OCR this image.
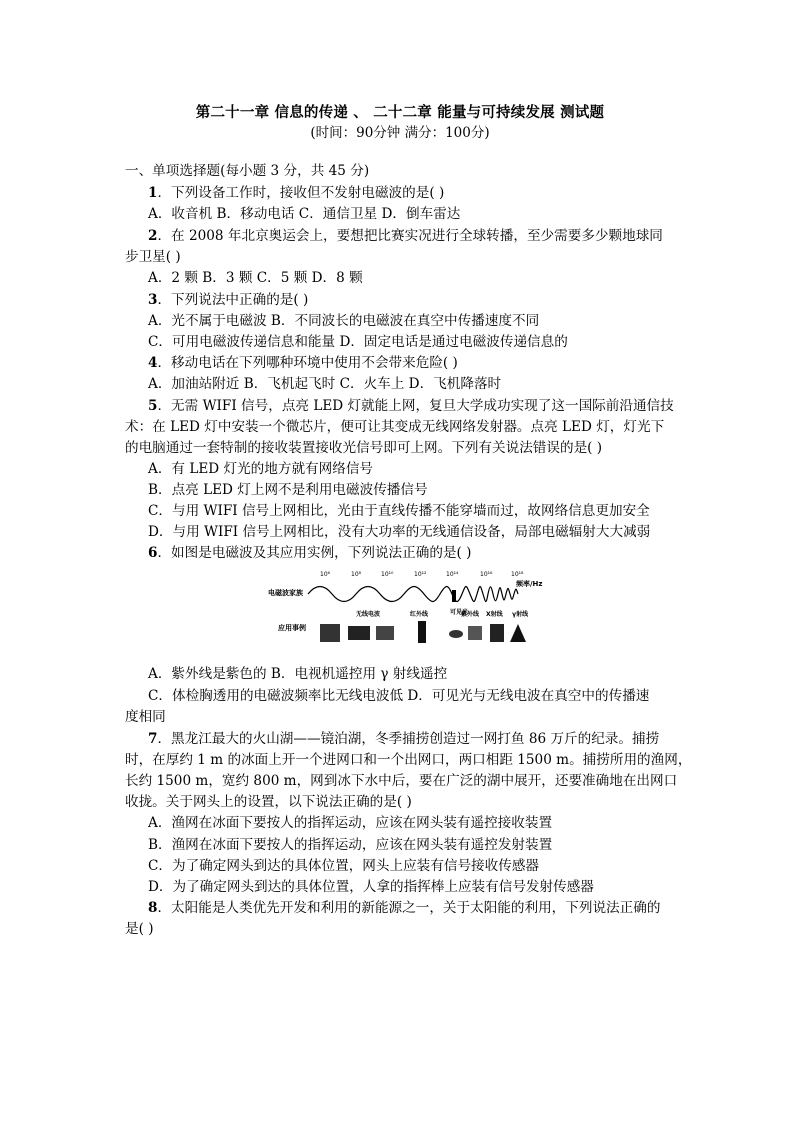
第二十一章 信息的传递 、 二十二章 能量与可持续发展 测试题
(时间：90分钟 满分：100分)
一、单项选择题(每小题 3 分，共 45 分)
1．下列设备工作时，接收但不发射电磁波的是( )
A．收音机 B．移动电话 C．通信卫星 D．倒车雷达
2．在 2008 年北京奥运会上，要想把比赛实况进行全球转播，至少需要多少颗地球同
步卫星( )
A．2 颗 B．3 颗 C．5 颗 D．8 颗
3．下列说法中正确的是( )
A．光不属于电磁波 B．不同波长的电磁波在真空中传播速度不同
C．可用电磁波传递信息和能量 D．固定电话是通过电磁波传递信息的
4．移动电话在下列哪种环境中使用不会带来危险( )
A．加油站附近 B．飞机起飞时 C．火车上 D．飞机降落时
5．无需 WIFI 信号，点亮 LED 灯就能上网，复旦大学成功实现了这一国际前沿通信技
术：在 LED 灯中安装一个微芯片，便可让其变成无线网络发射器。点亮 LED 灯，灯光下
的电脑通过一套特制的接收装置接收光信号即可上网。下列有关说法错误的是( )
A．有 LED 灯光的地方就有网络信号
B．点亮 LED 灯上网不是利用电磁波传播信号
C．与用 WIFI 信号上网相比，光由于直线传播不能穿墙而过，故网络信息更加安全
D．与用 WIFI 信号上网相比，没有大功率的无线通信设备，局部电磁辐射大大减弱
6．如图是电磁波及其应用实例，下列说法正确的是( )
10⁶	10⁸	10¹⁰	10¹²	10¹⁴	10¹⁶	10¹⁸
频率/Hz
电磁波家族
无线电波	红外线	可见光
紫外线 X射线 γ射线
应用事例
A．紫外线是紫色的 B．电视机遥控用 γ 射线遥控
C．体检胸透用的电磁波频率比无线电波低 D．可见光与无线电波在真空中的传播速
度相同
7．黑龙江最大的火山湖——镜泊湖，冬季捕捞创造过一网打鱼 86 万斤的纪录。捕捞
时，在厚约 1 m 的冰面上开一个进网口和一个出网口，两口相距 1500 m。捕捞所用的渔网，
长约 1500 m，宽约 800 m，网到冰下水中后，要在广泛的湖中展开，还要准确地在出网口
收拢。关于网头上的设置，以下说法正确的是( )
A．渔网在冰面下要按人的指挥运动，应该在网头装有遥控接收装置
B．渔网在冰面下要按人的指挥运动，应该在网头装有遥控发射装置
C．为了确定网头到达的具体位置，网头上应装有信号接收传感器
D．为了确定网头到达的具体位置，人拿的指挥棒上应装有信号发射传感器
8．太阳能是人类优先开发和利用的新能源之一，关于太阳能的利用，下列说法正确的
是( )
